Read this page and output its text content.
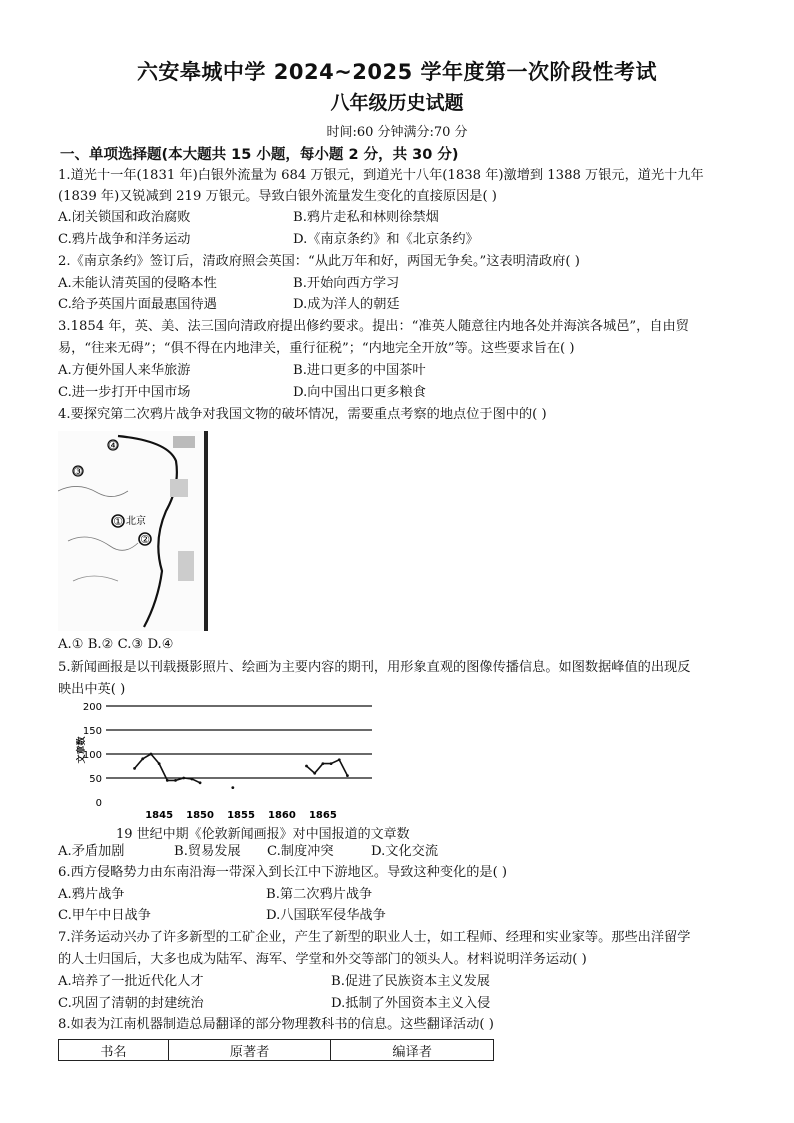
六安皋城中学 2024~2025 学年度第一次阶段性考试
八年级历史试题
时间:60 分钟满分:70 分
一、单项选择题(本大题共 15 小题，每小题 2 分，共 30 分)
1.道光十一年(1831 年)白银外流量为 684 万银元，到道光十八年(1838 年)激增到 1388 万银元，道光十九年
(1839 年)又锐减到 219 万银元。导致白银外流量发生变化的直接原因是( )
A.闭关锁国和政治腐败	B.鸦片走私和林则徐禁烟
C.鸦片战争和洋务运动	D.《南京条约》和《北京条约》
2.《南京条约》签订后，清政府照会英国：“从此万年和好，两国无争矣。”这表明清政府( )
A.未能认清英国的侵略本性	B.开始向西方学习
C.给予英国片面最惠国待遇	D.成为洋人的朝廷
3.1854 年，英、美、法三国向清政府提出修约要求。提出：“准英人随意往内地各处并海滨各城邑”，自由贸
易，“往来无碍”；“俱不得在内地津关，重行征税”；“内地完全开放”等。这些要求旨在( )
A.方便外国人来华旅游	B.进口更多的中国茶叶
C.进一步打开中国市场	D.向中国出口更多粮食
4.要探究第二次鸦片战争对我国文物的破坏情况，需要重点考察的地点位于图中的( )
④
③
① 北京
②
A.① B.② C.③ D.④
5.新闻画报是以刊载摄影照片、绘画为主要内容的期刊，用形象直观的图像传播信息。如图数据峰值的出现反
映出中英( )
0
50
100
150
200
文章数
1845 1850 1855 1860 1865
19 世纪中期《伦敦新闻画报》对中国报道的文章数
A.矛盾加剧	B.贸易发展 C.制度冲突	D.文化交流
6.西方侵略势力由东南沿海一带深入到长江中下游地区。导致这种变化的是( )
A.鸦片战争	B.第二次鸦片战争
C.甲午中日战争	D.八国联军侵华战争
7.洋务运动兴办了许多新型的工矿企业，产生了新型的职业人士，如工程师、经理和实业家等。那些出洋留学
的人士归国后，大多也成为陆军、海军、学堂和外交等部门的领头人。材料说明洋务运动( )
A.培养了一批近代化人才	B.促进了民族资本主义发展
C.巩固了清朝的封建统治	D.抵制了外国资本主义入侵
8.如表为江南机器制造总局翻译的部分物理教科书的信息。这些翻译活动( )
书名	原著者	编译者
